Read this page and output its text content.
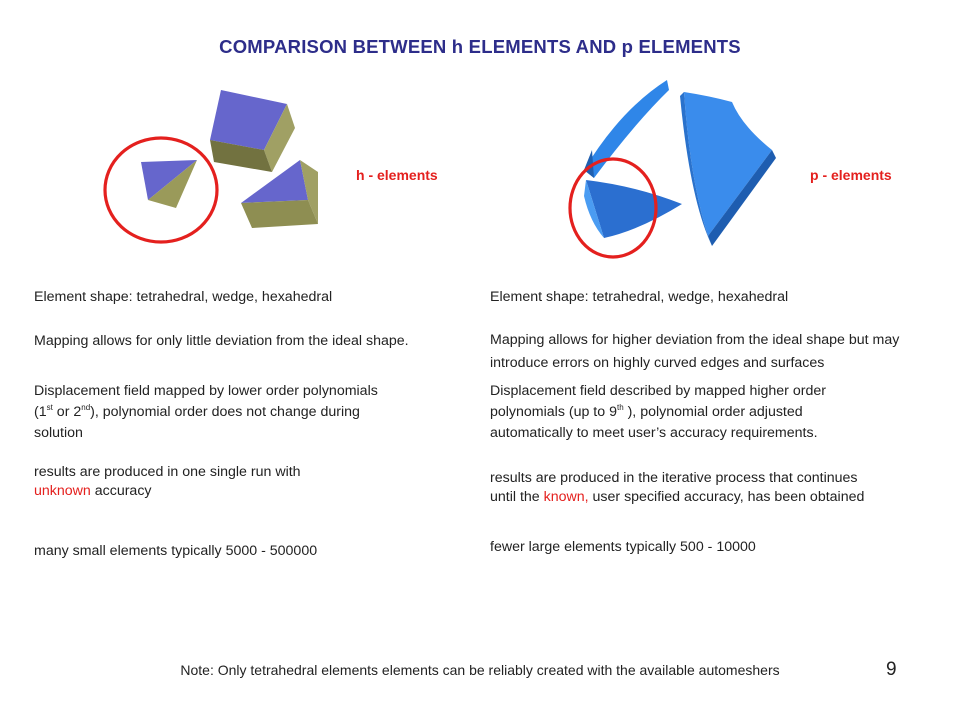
COMPARISON BETWEEN h ELEMENTS AND p ELEMENTS
h - elements	p - elements
Element shape: tetrahedral, wedge, hexahedral
Mapping allows for only little deviation from the ideal shape.
Displacement field mapped by lower order polynomials
(1st or 2nd), polynomial order does not change during
solution
results are produced in one single run with
unknown accuracy
many small elements typically 5000 - 500000
Element shape: tetrahedral, wedge, hexahedral
Mapping allows for higher deviation from the ideal shape but may
introduce errors on highly curved edges and surfaces
Displacement field described by mapped higher order
polynomials (up to 9th ), polynomial order adjusted
automatically to meet user’s accuracy requirements.
results are produced in the iterative process that continues
until the known, user specified accuracy, has been obtained
fewer large elements typically 500 - 10000
Note: Only tetrahedral elements elements can be reliably created with the available automeshers	9
